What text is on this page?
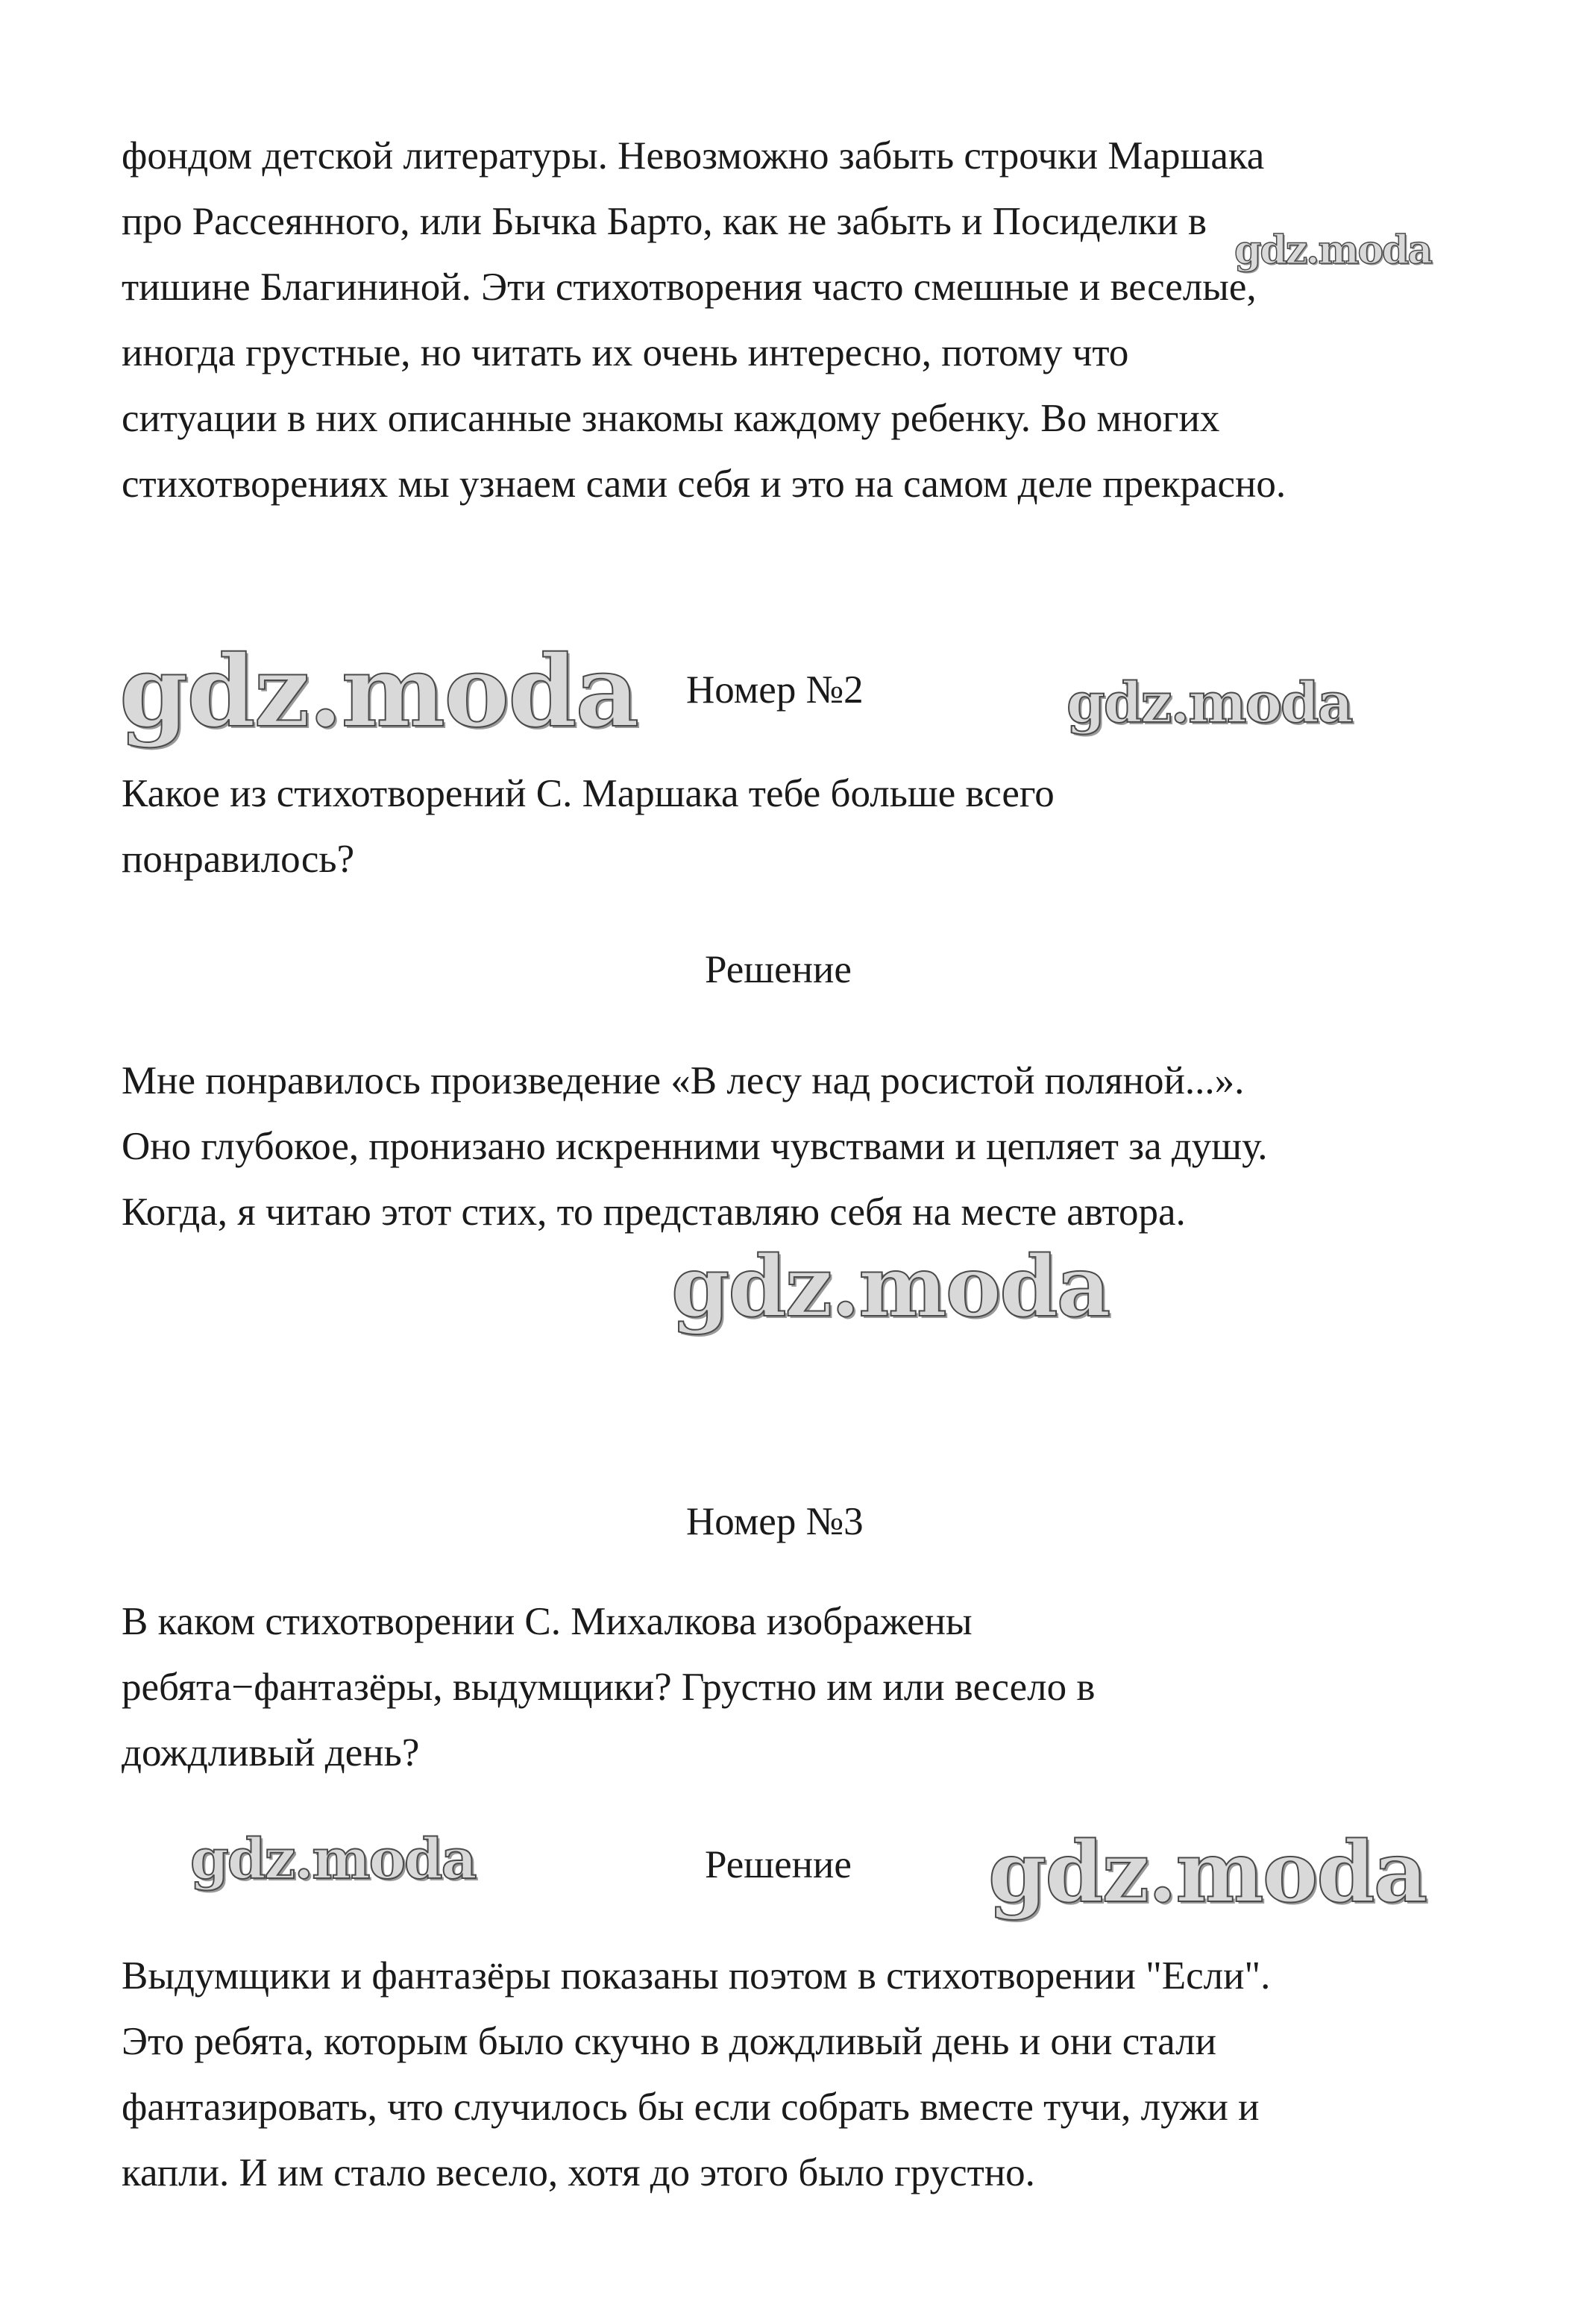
фондом детской литературы. Невозможно забыть строчки Маршака
про Рассеянного, или Бычка Барто, как не забыть и Посиделки в
тишине Благининой. Эти стихотворения часто смешные и веселые,
иногда грустные, но читать их очень интересно, потому что
ситуации в них описанные знакомы каждому ребенку. Во многих
стихотворениях мы узнаем сами себя и это на самом деле прекрасно.
gdz.moda
gdz.moda	gdz.moda
Номер №2
Какое из стихотворений С. Маршака тебе больше всего
понравилось?
Решение
Мне понравилось произведение «В лесу над росистой поляной...».
Оно глубокое, пронизано искренними чувствами и цепляет за душу.
Когда, я читаю этот стих, то представляю себя на месте автора.
gdz.moda
Номер №3
В каком стихотворении С. Михалкова изображены
ребята−фантазёры, выдумщики? Грустно им или весело в
дождливый день?
gdz.moda	Решение gdz.moda
Выдумщики и фантазёры показаны поэтом в стихотворении "Если".
Это ребята, которым было скучно в дождливый день и они стали
фантазировать, что случилось бы если собрать вместе тучи, лужи и
капли. И им стало весело, хотя до этого было грустно.
